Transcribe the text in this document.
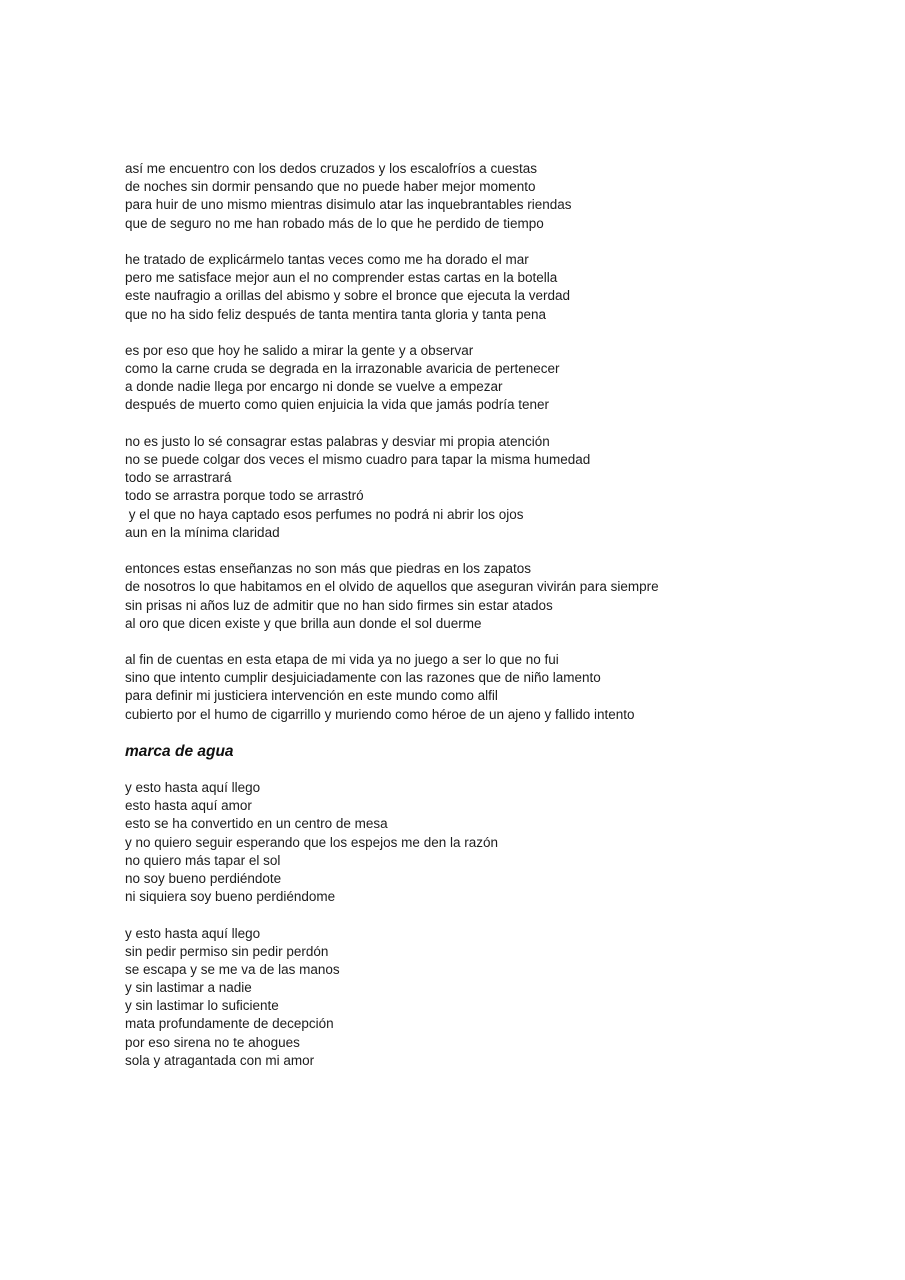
así me encuentro con los dedos cruzados y los escalofríos a cuestas
de noches sin dormir pensando que no puede haber mejor momento
para huir de uno mismo mientras disimulo atar las inquebrantables riendas
que de seguro no me han robado más de lo que he perdido de tiempo
he tratado de explicármelo tantas veces como me ha dorado el mar
pero me satisface mejor aun el no comprender estas cartas en la botella
este naufragio a orillas del abismo y sobre el bronce que ejecuta la verdad
que no ha sido feliz después de tanta mentira tanta gloria y tanta pena
es por eso que hoy he salido a mirar la gente y a observar
como la carne cruda se degrada en la irrazonable avaricia de pertenecer
a donde nadie llega por encargo ni donde se vuelve a empezar
después de muerto como quien enjuicia la vida que jamás podría tener
no es justo lo sé consagrar estas palabras y desviar mi propia atención
no se puede colgar dos veces el mismo cuadro para tapar la misma humedad
todo se arrastrará
todo se arrastra porque todo se arrastró
y el que no haya captado esos perfumes no podrá ni abrir los ojos
aun en la mínima claridad
entonces estas enseñanzas no son más que piedras en los zapatos
de nosotros lo que habitamos en el olvido de aquellos que aseguran vivirán para siempre
sin prisas ni años luz de admitir que no han sido firmes sin estar atados
al oro que dicen existe y que brilla aun donde el sol duerme
al fin de cuentas en esta etapa de mi vida ya no juego a ser lo que no fui
sino que intento cumplir desjuiciadamente con las razones que de niño lamento
para definir mi justiciera intervención en este mundo como alfil
cubierto por el humo de cigarrillo y muriendo como héroe de un ajeno y fallido intento
marca de agua
y esto hasta aquí llego
esto hasta aquí amor
esto se ha convertido en un centro de mesa
y no quiero seguir esperando que los espejos me den la razón
no quiero más tapar el sol
no soy bueno perdiéndote
ni siquiera soy bueno perdiéndome
y esto hasta aquí llego
sin pedir permiso sin pedir perdón
se escapa y se me va de las manos
y sin lastimar a nadie
y sin lastimar lo suficiente
mata profundamente de decepción
por eso sirena no te ahogues
sola y atragantada con mi amor
